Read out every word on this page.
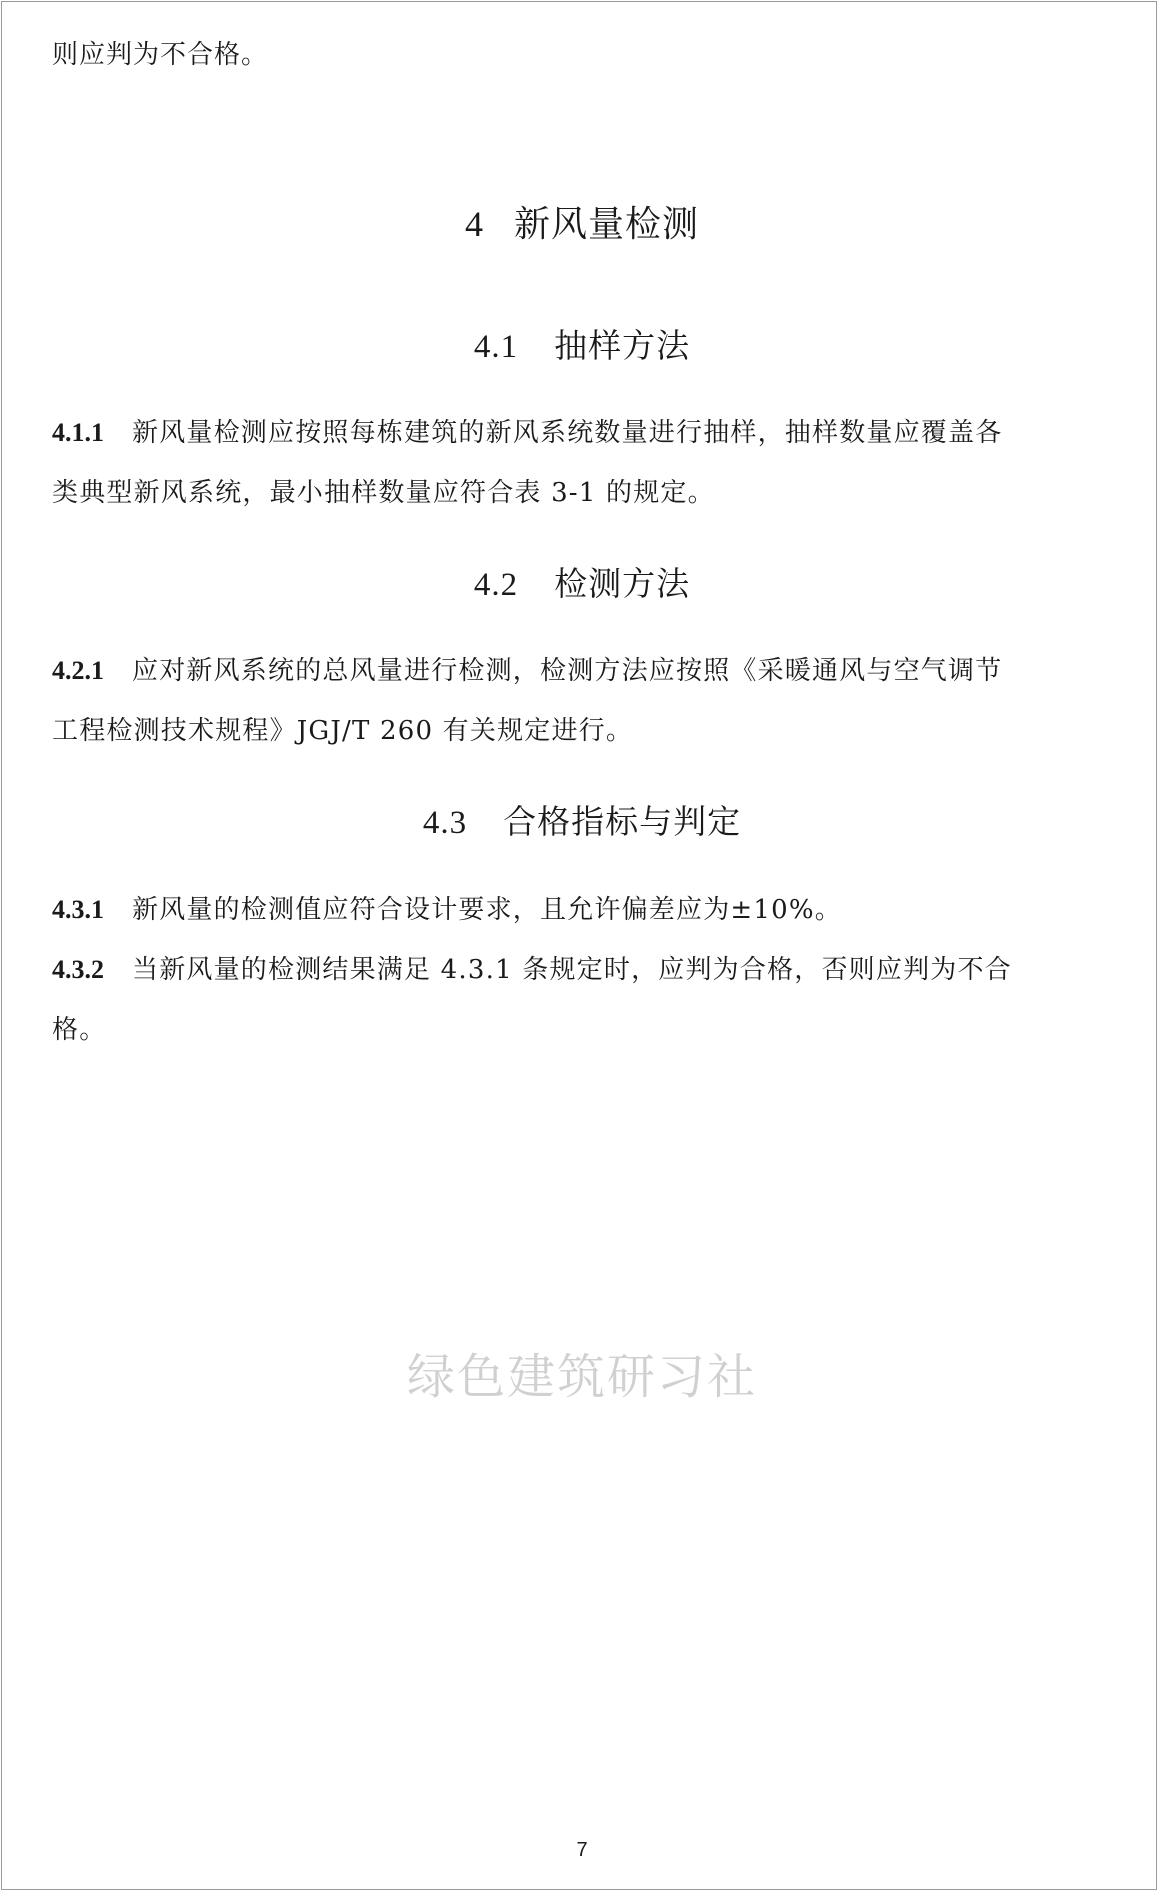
则应判为不合格。
4 新风量检测
4.1 抽样方法
4.1.1 新风量检测应按照每栋建筑的新风系统数量进行抽样，抽样数量应覆盖各
类典型新风系统，最小抽样数量应符合表 3-1 的规定。
4.2 检测方法
4.2.1 应对新风系统的总风量进行检测，检测方法应按照《采暖通风与空气调节
工程检测技术规程》JGJ/T 260 有关规定进行。
4.3 合格指标与判定
4.3.1 新风量的检测值应符合设计要求，且允许偏差应为±10%。
4.3.2 当新风量的检测结果满足 4.3.1 条规定时，应判为合格，否则应判为不合
格。
绿色建筑研习社
7
